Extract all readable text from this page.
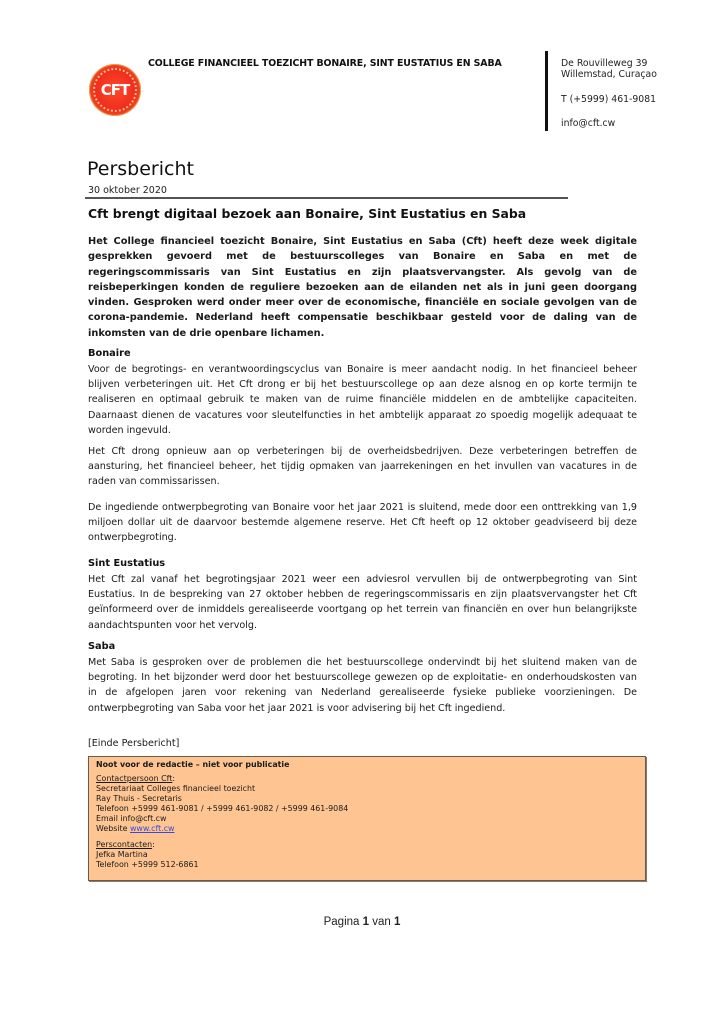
CFT
COLLEGE FINANCIEEL TOEZICHT BONAIRE, SINT EUSTATIUS EN SABA	De Rouvilleweg 39
Willemstad, Curaçao
T (+5999) 461-9081
info@cft.cw
Persbericht
30 oktober 2020
Cft brengt digitaal bezoek aan Bonaire, Sint Eustatius en Saba
Het College financieel toezicht Bonaire, Sint Eustatius en Saba (Cft) heeft deze week digitale gesprekken gevoerd met de bestuurscolleges van Bonaire en Saba en met de regeringscommissaris van Sint Eustatius en zijn plaatsvervangster. Als gevolg van de reisbeperkingen konden de reguliere bezoeken aan de eilanden net als in juni geen doorgang vinden. Gesproken werd onder meer over de economische, financiële en sociale gevolgen van de corona-pandemie. Nederland heeft compensatie beschikbaar gesteld voor de daling van de inkomsten van de drie openbare lichamen.
Bonaire
Voor de begrotings- en verantwoordingscyclus van Bonaire is meer aandacht nodig. In het financieel beheer blijven verbeteringen uit. Het Cft drong er bij het bestuurscollege op aan deze alsnog en op korte termijn te realiseren en optimaal gebruik te maken van de ruime financiële middelen en de ambtelijke capaciteiten. Daarnaast dienen de vacatures voor sleutelfuncties in het ambtelijk apparaat zo spoedig mogelijk adequaat te worden ingevuld.
Het Cft drong opnieuw aan op verbeteringen bij de overheidsbedrijven. Deze verbeteringen betreffen de aansturing, het financieel beheer, het tijdig opmaken van jaarrekeningen en het invullen van vacatures in de raden van commissarissen.
De ingediende ontwerpbegroting van Bonaire voor het jaar 2021 is sluitend, mede door een onttrekking van 1,9 miljoen dollar uit de daarvoor bestemde algemene reserve. Het Cft heeft op 12 oktober geadviseerd bij deze ontwerpbegroting.
Sint Eustatius
Het Cft zal vanaf het begrotingsjaar 2021 weer een adviesrol vervullen bij de ontwerpbegroting van Sint Eustatius. In de bespreking van 27 oktober hebben de regeringscommissaris en zijn plaatsvervangster het Cft geïnformeerd over de inmiddels gerealiseerde voortgang op het terrein van financiën en over hun belangrijkste aandachtspunten voor het vervolg.
Saba
Met Saba is gesproken over de problemen die het bestuurscollege ondervindt bij het sluitend maken van de begroting. In het bijzonder werd door het bestuurscollege gewezen op de exploitatie- en onderhoudskosten van in de afgelopen jaren voor rekening van Nederland gerealiseerde fysieke publieke voorzieningen. De ontwerpbegroting van Saba voor het jaar 2021 is voor advisering bij het Cft ingediend.
[Einde Persbericht]
Noot voor de redactie – niet voor publicatie
Contactpersoon Cft:
Secretariaat Colleges financieel toezicht
Ray Thuis - Secretaris
Telefoon +5999 461-9081 / +5999 461-9082 / +5999 461-9084
Email info@cft.cw
Website www.cft.cw
Perscontacten:
Jefka Martina
Telefoon +5999 512-6861
Pagina 1 van 1
